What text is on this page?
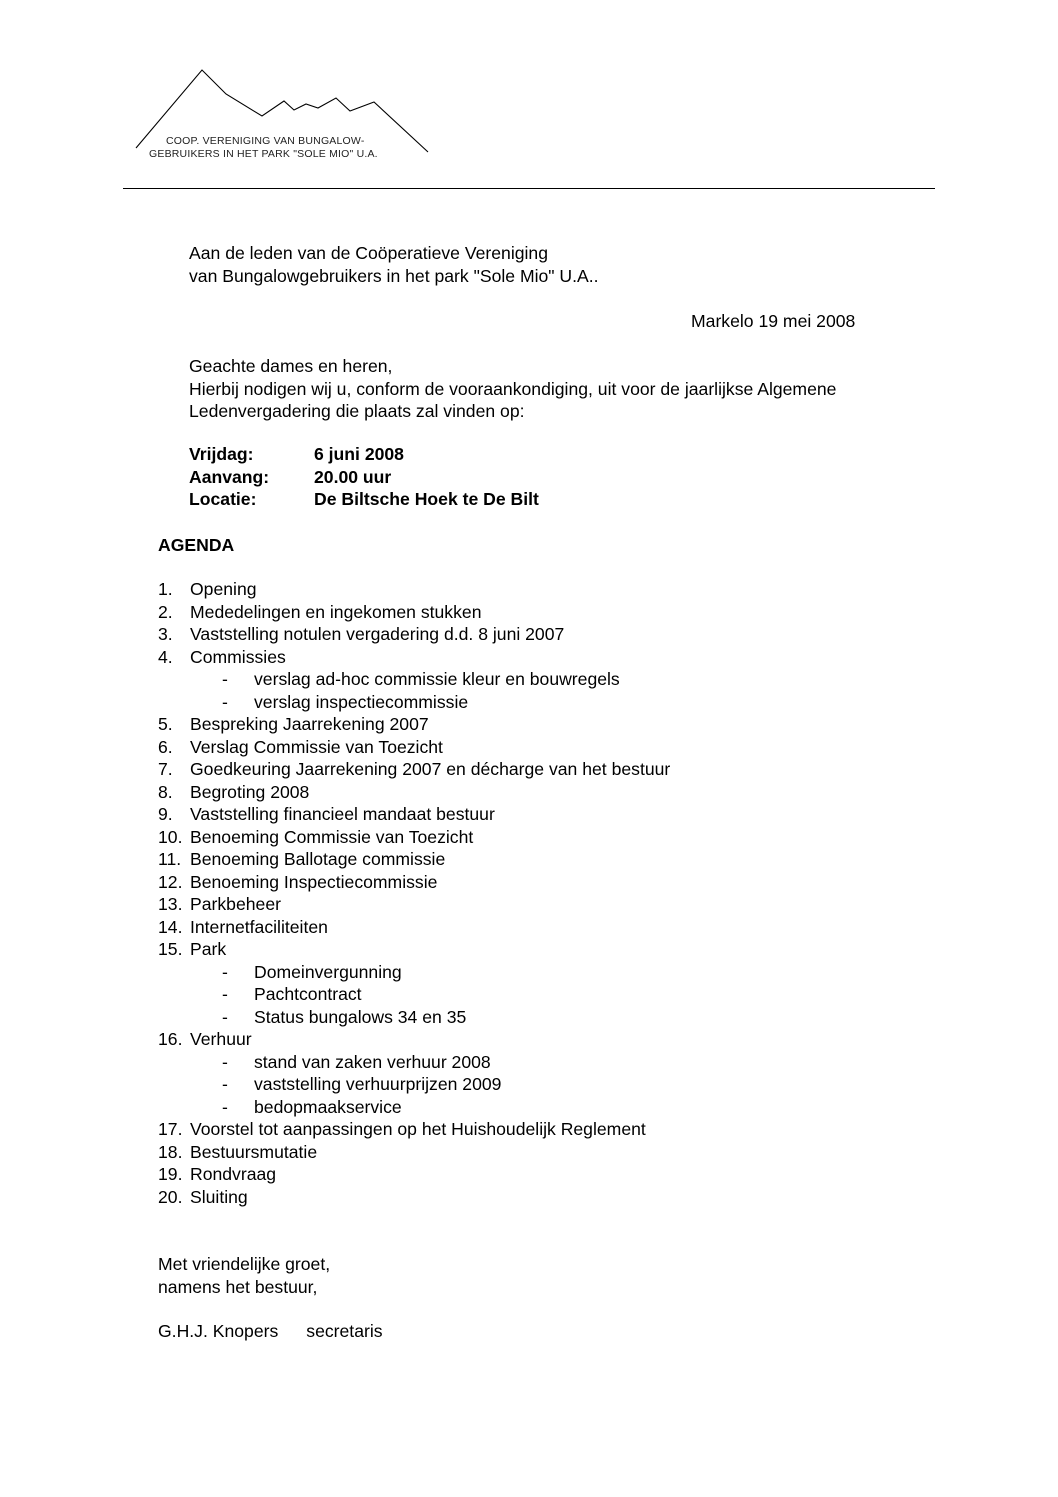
COOP. VERENIGING VAN BUNGALOW-
GEBRUIKERS IN HET PARK "SOLE MIO" U.A.
Aan de leden van de Coöperatieve Vereniging
van Bungalowgebruikers in het park "Sole Mio" U.A..
Markelo 19 mei 2008
Geachte dames en heren,
Hierbij nodigen wij u, conform de vooraankondiging, uit voor de jaarlijkse Algemene
Ledenvergadering die plaats zal vinden op:
Vrijdag:	6 juni 2008
Aanvang:	20.00 uur
Locatie:	De Biltsche Hoek te De Bilt
AGENDA
1. Opening
2. Mededelingen en ingekomen stukken
3. Vaststelling notulen vergadering d.d. 8 juni 2007
4. Commissies
-	verslag ad-hoc commissie kleur en bouwregels
-	verslag inspectiecommissie
5. Bespreking Jaarrekening 2007
6. Verslag Commissie van Toezicht
7. Goedkeuring Jaarrekening 2007 en décharge van het bestuur
8. Begroting 2008
9. Vaststelling financieel mandaat bestuur
10. Benoeming Commissie van Toezicht
11. Benoeming Ballotage commissie
12. Benoeming Inspectiecommissie
13. Parkbeheer
14. Internetfaciliteiten
15. Park
-	Domeinvergunning
-	Pachtcontract
-	Status bungalows 34 en 35
16. Verhuur
-	stand van zaken verhuur 2008
-	vaststelling verhuurprijzen 2009
-	bedopmaakservice
17. Voorstel tot aanpassingen op het Huishoudelijk Reglement
18. Bestuursmutatie
19. Rondvraag
20. Sluiting
Met vriendelijke groet,
namens het bestuur,
G.H.J. Knopers secretaris
